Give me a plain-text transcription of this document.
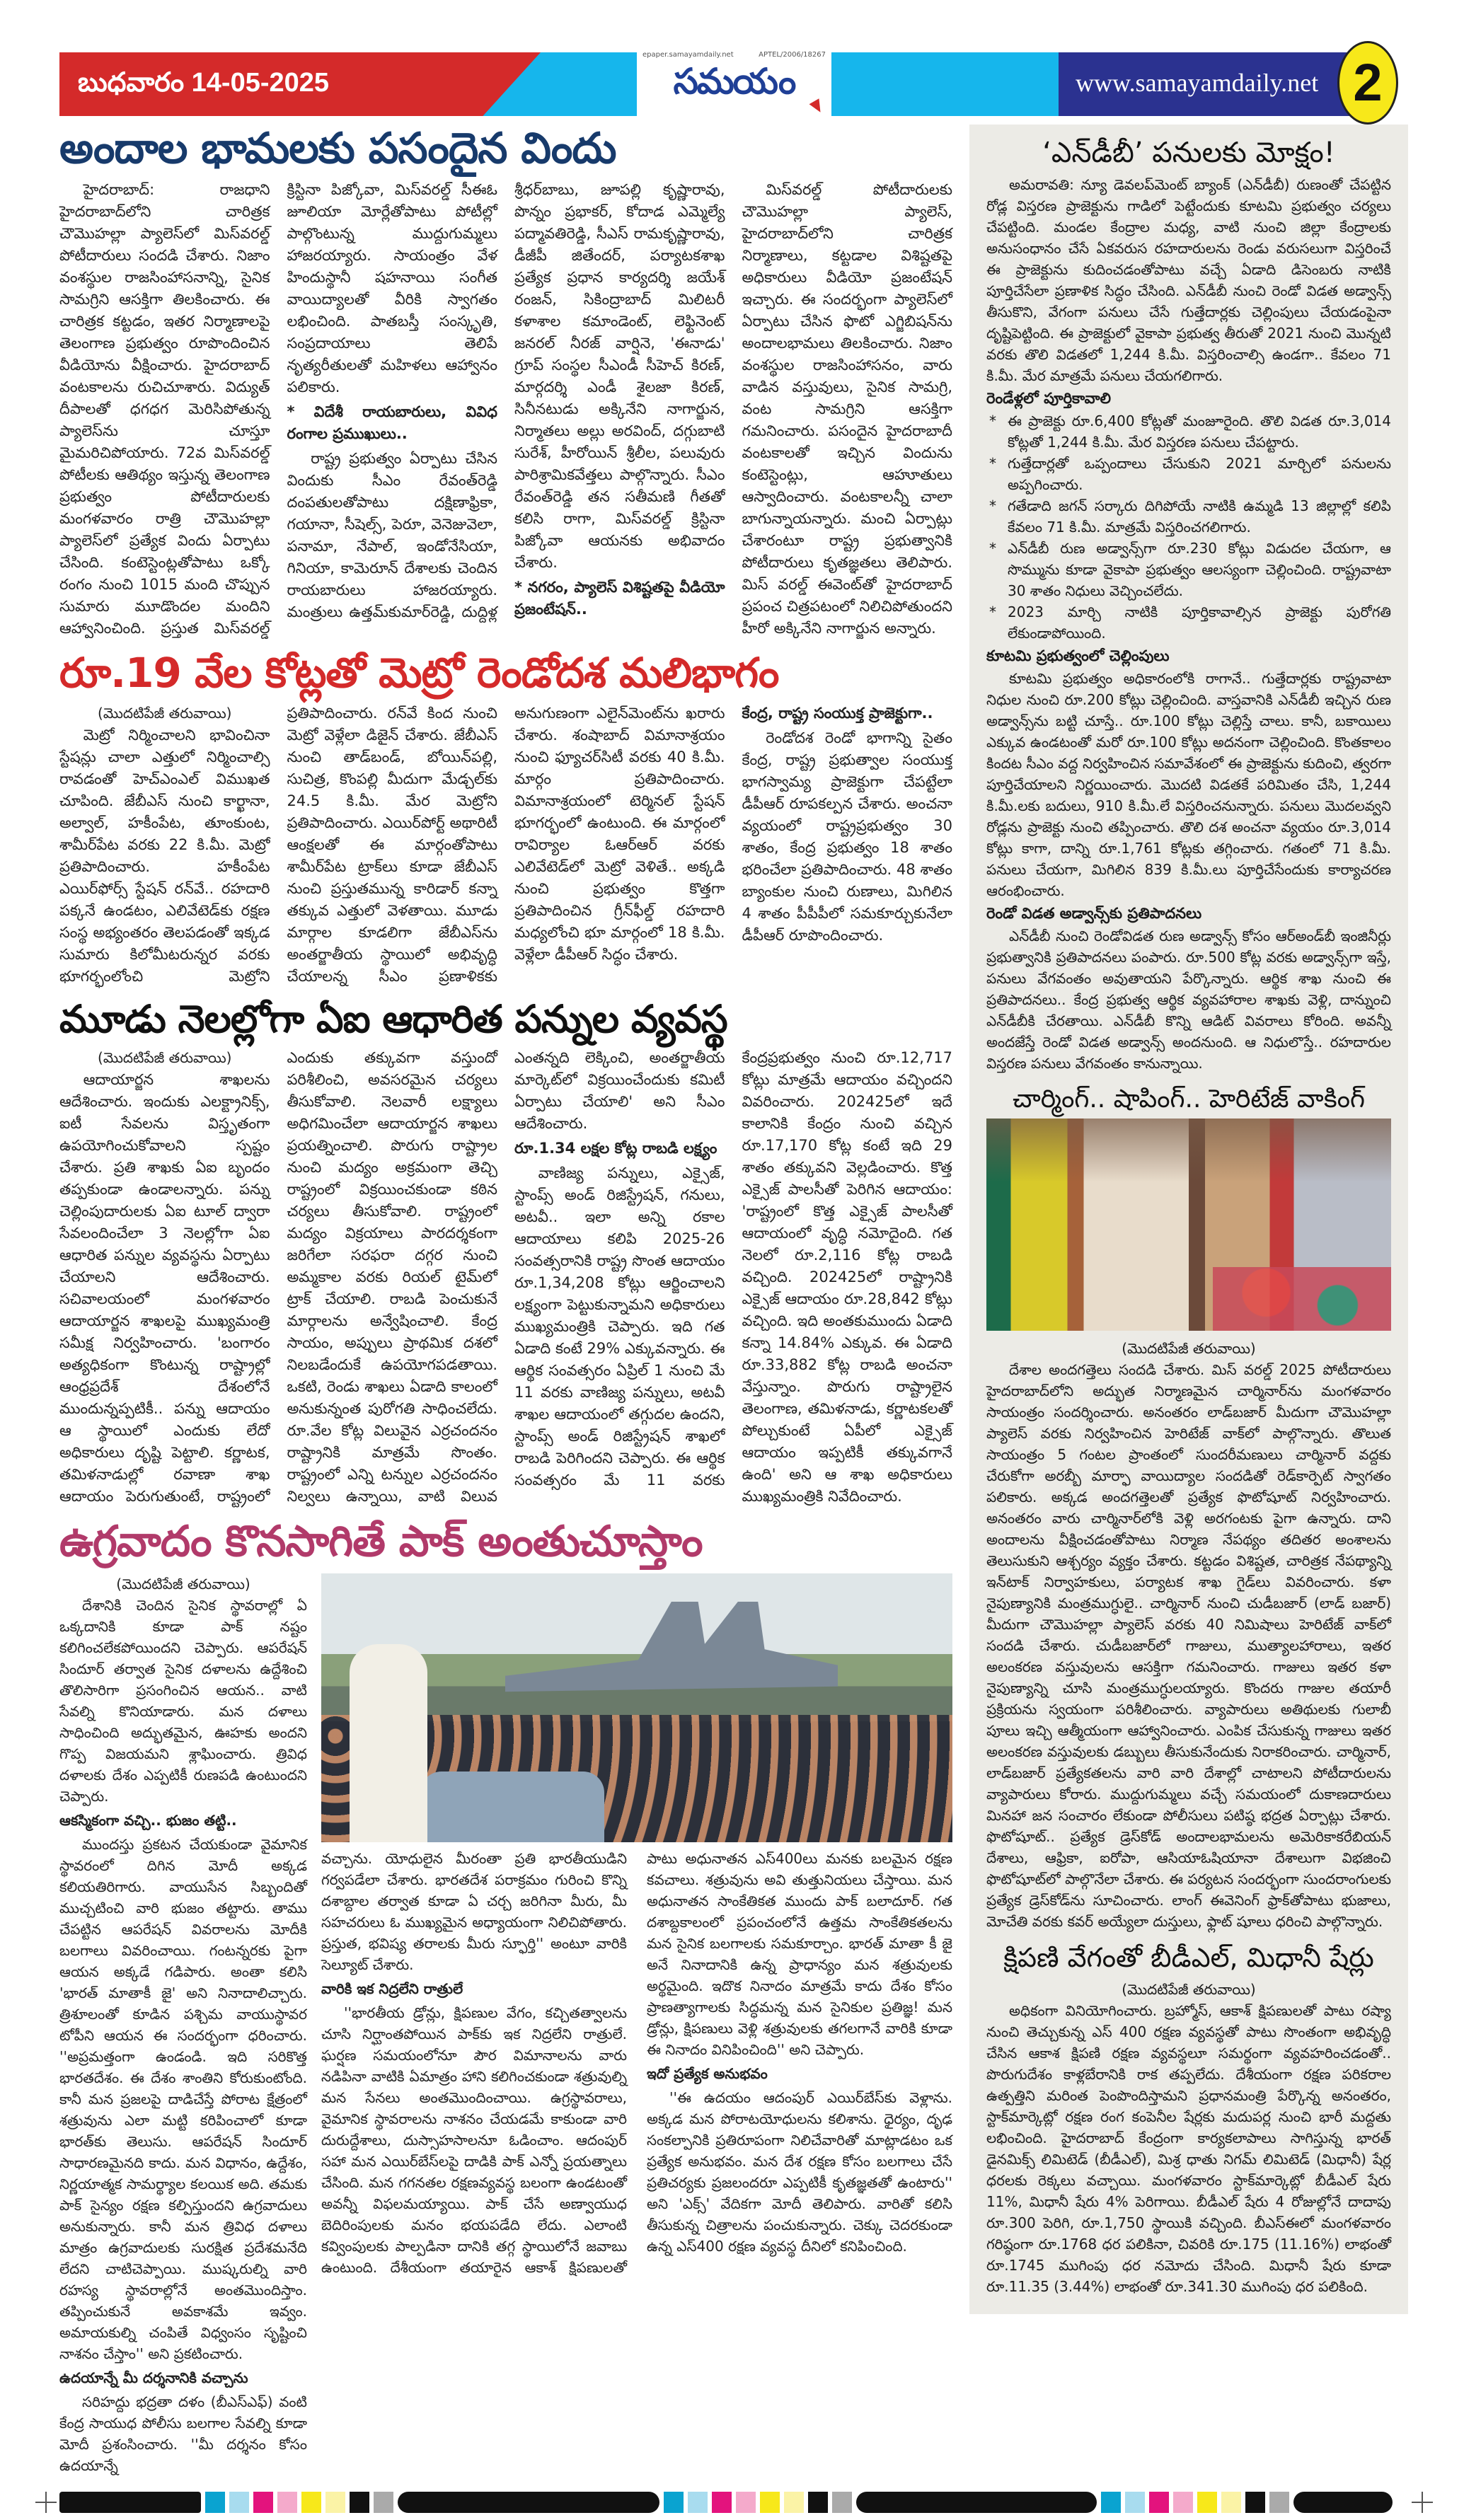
బుధవారం 14-05-2025
epaper.samayamdaily.net	APTEL/2006/18267
సమయం	www.samayamdaily.net 2
అందాల భామలకు పసందైన విందు

హైదరాబాద్: రాజధాని హైదరాబాద్‌లోని చారిత్రక చౌమొహల్లా ప్యాలెస్‌లో మిస్‌వరల్డ్ పోటీదారులు సందడి చేశారు. నిజాం వంశస్థుల రాజసింహాసనాన్ని, సైనిక సామగ్రిని ఆసక్తిగా తిలకించారు. ఈ చారిత్రక కట్టడం, ఇతర నిర్మాణాలపై తెలంగాణ ప్రభుత్వం రూపొందించిన వీడియోను వీక్షించారు. హైదరాబాద్ వంటకాలను రుచిచూశారు. విద్యుత్ దీపాలతో ధగధగ మెరిసిపోతున్న ప్యాలెస్‌ను చూస్తూ మైమరిచిపోయారు. 72వ మిస్‌వరల్డ్ పోటీలకు ఆతిథ్యం ఇస్తున్న తెలంగాణ ప్రభుత్వం పోటీదారులకు మంగళవారం రాత్రి చౌమొహల్లా ప్యాలెస్‌లో ప్రత్యేక విందు ఏర్పాటు చేసింది. కంటెస్టెంట్లతోపాటు ఒక్కో రంగం నుంచి 1015 మంది చొప్పున సుమారు మూడొందల మందిని ఆహ్వానించింది. ప్రస్తుత మిస్‌వరల్డ్ క్రిస్టినా పిజ్కోవా, మిస్‌వరల్డ్ సీఈఓ జూలియా మోర్లేతోపాటు పోటీల్లో పాల్గొంటున్న ముద్దుగుమ్మలు హాజరయ్యారు. సాయంత్రం వేళ హిందుస్థానీ షహనాయి సంగీత వాయిద్యాలతో వీరికి స్వాగతం లభించింది. పాతబస్తీ సంస్కృతి, సంప్రదాయాలు తెలిపే నృత్యరీతులతో మహిళలు ఆహ్వానం పలికారు.

* విదేశీ రాయబారులు, వివిధ రంగాల ప్రముఖులు..

రాష్ట్ర ప్రభుత్వం ఏర్పాటు చేసిన విందుకు సీఎం రేవంత్‌రెడ్డి దంపతులతోపాటు దక్షిణాఫ్రికా, గయానా, సీషెల్స్, పెరూ, వెనెజువెలా, పనామా, నేపాల్, ఇండోనేసియా, గినియా, కామెరూన్ దేశాలకు చెందిన రాయబారులు హాజరయ్యారు. మంత్రులు ఉత్తమ్‌కుమార్‌రెడ్డి, దుద్దిళ్ల శ్రీధర్‌బాబు, జూపల్లి కృష్ణారావు, పొన్నం ప్రభాకర్, కోదాడ ఎమ్మెల్యే పద్మావతిరెడ్డి, సీఎస్ రామకృష్ణారావు, డీజీపీ జితేందర్, పర్యాటకశాఖ ప్రత్యేక ప్రధాన కార్యదర్శి జయేశ్ రంజన్, సికింద్రాబాద్ మిలిటరీ కళాశాల కమాండెంట్, లెఫ్టినెంట్ జనరల్ నీరజ్ వార్షినె, 'ఈనాడు' గ్రూప్ సంస్థల సీఎండీ సీహెచ్ కిరణ్, మార్గదర్శి ఎండీ శైలజా కిరణ్, సినీనటుడు అక్కినేని నాగార్జున, నిర్మాతలు అల్లు అరవింద్, దగ్గుబాటి సురేశ్, హీరోయిన్ శ్రీలీల, పలువురు పారిశ్రామికవేత్తలు పాల్గొన్నారు. సీఎం రేవంత్‌రెడ్డి తన సతీమణి గీతతో కలిసి రాగా, మిస్‌వరల్డ్ క్రిస్టినా పిజ్కోవా ఆయనకు అభివాదం చేశారు.

* నగరం, ప్యాలెస్ విశిష్టతపై వీడియో ప్రజంటేషన్..

మిస్‌వరల్డ్ పోటీదారులకు చౌమొహల్లా ప్యాలెస్, హైదరాబాద్‌లోని చారిత్రక నిర్మాణాలు, కట్టడాల విశిష్టతపై అధికారులు వీడియో ప్రజంటేషన్ ఇచ్చారు. ఈ సందర్భంగా ప్యాలెస్‌లో ఏర్పాటు చేసిన ఫొటో ఎగ్జిబిషన్‌ను అందాలభామలు తిలకించారు. నిజాం వంశస్థుల రాజసింహాసనం, వారు వాడిన వస్తువులు, సైనిక సామగ్రి, వంట సామగ్రిని ఆసక్తిగా గమనించారు. పసందైన హైదరాబాదీ వంటకాలతో ఇచ్చిన విందును కంటెస్టెంట్లు, ఆహూతులు ఆస్వాదించారు. వంటకాలన్నీ చాలా బాగున్నాయన్నారు. మంచి ఏర్పాట్లు చేశారంటూ రాష్ట్ర ప్రభుత్వానికి పోటీదారులు కృతజ్ఞతలు తెలిపారు. మిస్ వరల్డ్ ఈవెంట్‌తో హైదరాబాద్ ప్రపంచ చిత్రపటంలో నిలిచిపోతుందని హీరో అక్కినేని నాగార్జున అన్నారు.

రూ.19 వేల కోట్లతో మెట్రో రెండోదశ మలిభాగం
(మొదటిపేజీ తరువాయి)

మెట్రో నిర్మించాలని భావించినా స్టేషన్లు చాలా ఎత్తులో నిర్మించాల్సి రావడంతో హెచ్‌ఎంఎల్ విముఖత చూపింది. జేబీఎస్ నుంచి కార్ఖానా, అల్వాల్, హకీంపేట, తూంకుంట, శామీర్‌పేట వరకు 22 కి.మీ. మెట్రో ప్రతిపాదించారు. హకీంపేట ఎయిర్‌ఫోర్స్ స్టేషన్ రన్‌వే.. రహదారి పక్కనే ఉండటం, ఎలివేటెడ్‌కు రక్షణ సంస్థ అభ్యంతరం తెలపడంతో ఇక్కడ సుమారు కిలోమీటరున్నర వరకు భూగర్భంలోంచి మెట్రోని ప్రతిపాదించారు. రన్‌వే కింద నుంచి మెట్రో వెళ్లేలా డిజైన్ చేశారు. జేబీఎస్ నుంచి తాడ్‌బండ్, బోయిన్‌పల్లి, సుచిత్ర, కొంపల్లి మీదుగా మేడ్చల్‌కు 24.5 కి.మీ. మేర మెట్రోని ప్రతిపాదించారు. ఎయిర్‌పోర్ట్ అథారిటీ ఆంక్షలతో ఈ మార్గంతోపాటు శామీర్‌పేట ట్రాక్‌లు కూడా జేబీఎస్ నుంచి ప్రస్తుతమున్న కారిడార్ కన్నా తక్కువ ఎత్తులో వెళతాయి. మూడు మార్గాల కూడలిగా జేబీఎస్‌ను అంతర్జాతీయ స్థాయిలో అభివృద్ధి చేయాలన్న సీఎం ప్రణాళికకు అనుగుణంగా ఎలైన్‌మెంట్‌ను ఖరారు చేశారు. శంషాబాద్ విమానాశ్రయం నుంచి ఫ్యూచర్‌సిటీ వరకు 40 కి.మీ. మార్గం ప్రతిపాదించారు. విమానాశ్రయంలో టెర్మినల్ స్టేషన్ భూగర్భంలో ఉంటుంది. ఈ మార్గంలో రావిర్యాల ఓఆర్‌ఆర్ వరకు ఎలివేటెడ్‌లో మెట్రో వెళితే.. అక్కడి నుంచి ప్రభుత్వం కొత్తగా ప్రతిపాదించిన గ్రీన్‌ఫీల్డ్ రహదారి మధ్యలోంచి భూ మార్గంలో 18 కి.మీ. వెళ్లేలా డీపీఆర్ సిద్ధం చేశారు.

కేంద్ర, రాష్ట్ర సంయుక్త ప్రాజెక్టుగా..

రెండోదశ రెండో భాగాన్ని సైతం కేంద్ర, రాష్ట్ర ప్రభుత్వాల సంయుక్త భాగస్వామ్య ప్రాజెక్టుగా చేపట్టేలా డీపీఆర్ రూపకల్పన చేశారు. అంచనా వ్యయంలో రాష్ట్రప్రభుత్వం 30 శాతం, కేంద్ర ప్రభుత్వం 18 శాతం భరించేలా ప్రతిపాదించారు. 48 శాతం బ్యాంకుల నుంచి రుణాలు, మిగిలిన 4 శాతం పీపీపీలో సమకూర్చుకునేలా డీపీఆర్ రూపొందించారు.

మూడు నెలల్లోగా ఏఐ ఆధారిత పన్నుల వ్యవస్థ
(మొదటిపేజీ తరువాయి)

ఆదాయార్జన శాఖలను ఆదేశించారు. ఇందుకు ఎలక్ట్రానిక్స్, ఐటీ సేవలను విస్తృతంగా ఉపయోగించుకోవాలని స్పష్టం చేశారు. ప్రతి శాఖకు ఏఐ బృందం తప్పకుండా ఉండాలన్నారు. పన్ను చెల్లింపుదారులకు ఏఐ టూల్ ద్వారా సేవలందించేలా 3 నెలల్లోగా ఏఐ ఆధారిత పన్నుల వ్యవస్థను ఏర్పాటు చేయాలని ఆదేశించారు. సచివాలయంలో మంగళవారం ఆదాయార్జన శాఖలపై ముఖ్యమంత్రి సమీక్ష నిర్వహించారు. 'బంగారం అత్యధికంగా కొంటున్న రాష్ట్రాల్లో ఆంధ్రప్రదేశ్ దేశంలోనే ముందున్నప్పటికీ.. పన్ను ఆదాయం ఆ స్థాయిలో ఎందుకు లేదో అధికారులు దృష్టి పెట్టాలి. కర్ణాటక, తమిళనాడుల్లో రవాణా శాఖ ఆదాయం పెరుగుతుంటే, రాష్ట్రంలో ఎందుకు తక్కువగా వస్తుందో పరిశీలించి, అవసరమైన చర్యలు తీసుకోవాలి. నెలవారీ లక్ష్యాలు అధిగమించేలా ఆదాయార్జన శాఖలు ప్రయత్నించాలి. పొరుగు రాష్ట్రాల నుంచి మద్యం అక్రమంగా తెచ్చి రాష్ట్రంలో విక్రయించకుండా కఠిన చర్యలు తీసుకోవాలి. రాష్ట్రంలో మద్యం విక్రయాలు పారదర్శకంగా జరిగేలా సరఫరా దగ్గర నుంచి అమ్మకాల వరకు రియల్ టైమ్‌లో ట్రాక్ చేయాలి. రాబడి పెంచుకునే మార్గాలను అన్వేషించాలి. కేంద్ర సాయం, అప్పులు ప్రాథమిక దశలో నిలబడేందుకే ఉపయోగపడతాయి. ఒకటి, రెండు శాఖలు ఏడాది కాలంలో అనుకున్నంత పురోగతి సాధించలేదు. రూ.వేల కోట్ల విలువైన ఎర్రచందనం రాష్ట్రానికి మాత్రమే సొంతం. రాష్ట్రంలో ఎన్ని టన్నుల ఎర్రచందనం నిల్వలు ఉన్నాయి, వాటి విలువ ఎంతన్నది లెక్కించి, అంతర్జాతీయ మార్కెట్‌లో విక్రయించేందుకు కమిటీ ఏర్పాటు చేయాలి' అని సీఎం ఆదేశించారు.

రూ.1.34 లక్షల కోట్ల రాబడి లక్ష్యం

వాణిజ్య పన్నులు, ఎక్సైజ్, స్టాంప్స్ అండ్ రిజిస్ట్రేషన్, గనులు, అటవీ.. ఇలా అన్ని రకాల ఆదాయాలు కలిపి 2025‑26 సంవత్సరానికి రాష్ట్ర సొంత ఆదాయం రూ.1,34,208 కోట్లు ఆర్జించాలని లక్ష్యంగా పెట్టుకున్నామని అధికారులు ముఖ్యమంత్రికి చెప్పారు. ఇది గత ఏడాది కంటే 29% ఎక్కువన్నారు. ఈ ఆర్థిక సంవత్సరం ఏప్రిల్ 1 నుంచి మే 11 వరకు వాణిజ్య పన్నులు, అటవీ శాఖల ఆదాయంలో తగ్గుదల ఉందని, స్టాంప్స్ అండ్ రిజిస్ట్రేషన్ శాఖలో రాబడి పెరిగిందని చెప్పారు. ఈ ఆర్థిక సంవత్సరం మే 11 వరకు కేంద్రప్రభుత్వం నుంచి రూ.12,717 కోట్లు మాత్రమే ఆదాయం వచ్చిందని వివరించారు. 202425లో ఇదే కాలానికి కేంద్రం నుంచి వచ్చిన రూ.17,170 కోట్ల కంటే ఇది 29 శాతం తక్కువని వెల్లడించారు. కొత్త ఎక్సైజ్ పాలసీతో పెరిగిన ఆదాయం: 'రాష్ట్రంలో కొత్త ఎక్సైజ్ పాలసీతో ఆదాయంలో వృద్ధి నమోదైంది. గత నెలలో రూ.2,116 కోట్ల రాబడి వచ్చింది. 202425లో రాష్ట్రానికి ఎక్సైజ్ ఆదాయం రూ.28,842 కోట్లు వచ్చింది. ఇది అంతకుముందు ఏడాది కన్నా 14.84% ఎక్కువ. ఈ ఏడాది రూ.33,882 కోట్ల రాబడి అంచనా వేస్తున్నాం. పొరుగు రాష్ట్రాలైన తెలంగాణ, తమిళనాడు, కర్ణాటకలతో పోల్చుకుంటే ఏపీలో ఎక్సైజ్ ఆదాయం ఇప్పటికీ తక్కువగానే ఉంది' అని ఆ శాఖ అధికారులు ముఖ్యమంత్రికి నివేదించారు.

ఉగ్రవాదం కొనసాగితే పాక్ అంతుచూస్తాం
(మొదటిపేజీ తరువాయి)

దేశానికి చెందిన సైనిక స్థావరాల్లో ఏ ఒక్కదానికి కూడా పాక్ నష్టం కలిగించలేకపోయిందని చెప్పారు. ఆపరేషన్ సిందూర్ తర్వాత సైనిక దళాలను ఉద్దేశించి తొలిసారిగా ప్రసంగించిన ఆయన.. వాటి సేవల్ని కొనియాడారు. మన దళాలు సాధించింది అద్భుతమైన, ఊహకు అందని గొప్ప విజయమని శ్లాఘించారు. త్రివిధ దళాలకు దేశం ఎప్పటికీ రుణపడి ఉంటుందని చెప్పారు.

ఆకస్మికంగా వచ్చి.. భుజం తట్టి..

ముందస్తు ప్రకటన చేయకుండా వైమానిక స్థావరంలో దిగిన మోదీ అక్కడ కలియతిరిగారు. వాయుసేన సిబ్బందితో ముచ్చటించి వారి భుజం తట్టారు. తాము చేపట్టిన ఆపరేషన్ వివరాలను మోదీకి బలగాలు వివరించాయి. గంటన్నరకు పైగా ఆయన అక్కడే గడిపారు. అంతా కలిసి 'భారత్ మాతాకీ జై' అని నినాదాలిచ్చారు. త్రిశూలంతో కూడిన పశ్చిమ వాయుస్థావర టోపీని ఆయన ఈ సందర్భంగా ధరించారు. ''అప్రమత్తంగా ఉండండి. ఇది సరికొత్త భారతదేశం. ఈ దేశం శాంతిని కోరుకుంటోంది. కానీ మన ప్రజలపై దాడిచేస్తే పోరాట క్షేత్రంలో శత్రువును ఎలా మట్టి కరిపించాలో కూడా భారత్‌కు తెలుసు. ఆపరేషన్ సిందూర్ సాధారణమైనది కాదు. మన విధానం, ఉద్దేశం, నిర్ణయాత్మక సామర్థ్యాల కలయిక అది. తమకు పాక్ సైన్యం రక్షణ కల్పిస్తుందని ఉగ్రవాదులు అనుకున్నారు. కానీ మన త్రివిధ దళాలు మాత్రం ఉగ్రవాదులకు సురక్షిత ప్రదేశమనేది లేదని చాటిచెప్పాయి. ముష్కరుల్ని వారి రహస్య స్థావరాల్లోనే అంతమొందిస్తాం. తప్పించుకునే అవకాశమే ఇవ్వం. అమాయకుల్ని చంపితే విధ్వంసం సృష్టించి నాశనం చేస్తాం'' అని ప్రకటించారు.

ఉదయాన్నే మీ దర్శనానికి వచ్చాను

సరిహద్దు భద్రతా దళం (బీఎస్‌ఎఫ్) వంటి కేంద్ర సాయుధ పోలీసు బలగాల సేవల్ని కూడా మోదీ ప్రశంసించారు. ''మీ దర్శనం కోసం ఉదయాన్నే

వచ్చాను. యోధులైన మీరంతా ప్రతి భారతీయుడిని గర్వపడేలా చేశారు. భారతదేశ పరాక్రమం గురించి కొన్ని దశాబ్దాల తర్వాత కూడా ఏ చర్చ జరిగినా మీరు, మీ సహచరులు ఓ ముఖ్యమైన అధ్యాయంగా నిలిచిపోతారు. ప్రస్తుత, భవిష్య తరాలకు మీరు స్ఫూర్తి'' అంటూ వారికి సెల్యూట్ చేశారు.

వారికి ఇక నిద్రలేని రాత్రులే

''భారతీయ డ్రోన్లు, క్షిపణుల వేగం, కచ్చితత్వాలను చూసి నిర్ఘాంతపోయిన పాక్‌కు ఇక నిద్రలేని రాత్రులే. ఘర్షణ సమయంలోనూ పౌర విమానాలను వారు నడిపినా వాటికి ఏమాత్రం హాని కలిగించకుండా శత్రువుల్ని మన సేనలు అంతమొందించాయి. ఉగ్రస్థావరాలు, వైమానిక స్థావరాలను నాశనం చేయడమే కాకుండా వారి దురుద్దేశాలు, దుస్సాహసాలనూ ఓడించాం. ఆదంపుర్ సహా మన ఎయిర్‌బేస్‌లపై దాడికి పాక్ ఎన్నో ప్రయత్నాలు చేసింది. మన గగనతల రక్షణవ్యవస్థ బలంగా ఉండటంతో అవన్నీ విఫలమయ్యాయి. పాక్ చేసే అణ్వాయుధ బెదిరింపులకు మనం భయపడేది లేదు. ఎలాంటి కవ్వింపులకు పాల్పడినా దానికి తగ్గ స్థాయిలోనే జవాబు ఉంటుంది. దేశీయంగా తయారైన ఆకాశ్ క్షిపణులతో పాటు అధునాతన ఎస్400లు మనకు బలమైన రక్షణ కవచాలు. శత్రువును అవి తుత్తునియలు చేస్తాయి. మన అధునాతన సాంకేతికత ముందు పాక్ బలాదూర్. గత దశాబ్దకాలంలో ప్రపంచంలోనే ఉత్తమ సాంకేతికతలను మన సైనిక బలగాలకు సమకూర్చాం. భారత్ మాతా కీ జై అనే నినాదానికి ఉన్న ప్రాధాన్యం మన శత్రువులకు అర్థమైంది. ఇదొక నినాదం మాత్రమే కాదు దేశం కోసం ప్రాణత్యాగాలకు సిద్ధమన్న మన సైనికుల ప్రతిజ్ఞ! మన డ్రోన్లు, క్షిపణులు వెళ్లి శత్రువులకు తగలగానే వారికి కూడా ఈ నినాదం వినిపించింది'' అని చెప్పారు.

ఇదో ప్రత్యేక అనుభవం

''ఈ ఉదయం ఆదంపుర్ ఎయిర్‌బేస్‌కు వెళ్లాను. అక్కడ మన పోరాటయోధులను కలిశాను. ధైర్యం, దృఢ సంకల్పానికి ప్రతిరూపంగా నిలిచేవారితో మాట్లాడటం ఒక ప్రత్యేక అనుభవం. మన దేశ రక్షణ కోసం బలగాలు చేసే ప్రతిచర్యకు ప్రజలందరూ ఎప్పటికీ కృతజ్ఞతతో ఉంటారు'' అని 'ఎక్స్' వేదికగా మోదీ తెలిపారు. వారితో కలిసి తీసుకున్న చిత్రాలను పంచుకున్నారు. చెక్కు చెదరకుండా ఉన్న ఎస్400 రక్షణ వ్యవస్థ దీనిలో కనిపించింది.

‘ఎన్‌డీబీ’ పనులకు మోక్షం!

అమరావతి: న్యూ డెవలప్‌మెంట్ బ్యాంక్ (ఎన్‌డీబీ) రుణంతో చేపట్టిన రోడ్ల విస్తరణ ప్రాజెక్టును గాడిలో పెట్టేందుకు కూటమి ప్రభుత్వం చర్యలు చేపట్టింది. మండల కేంద్రాల మధ్య, వాటి నుంచి జిల్లా కేంద్రాలకు అనుసంధానం చేసే ఏకవరుస రహదారులను రెండు వరుసలుగా విస్తరించే ఈ ప్రాజెక్టును కుదించడంతోపాటు వచ్చే ఏడాది డిసెంబరు నాటికి పూర్తిచేసేలా ప్రణాళిక సిద్ధం చేసింది. ఎన్‌డీబీ నుంచి రెండో విడత అడ్వాన్స్ తీసుకొని, వేగంగా పనులు చేసే గుత్తేదార్లకు చెల్లింపులు చేయడంపైనా దృష్టిపెట్టింది. ఈ ప్రాజెక్టులో వైకాపా ప్రభుత్వ తీరుతో 2021 నుంచి మొన్నటి వరకు తొలి విడతలో 1,244 కి.మీ. విస్తరించాల్సి ఉండగా.. కేవలం 71 కి.మీ. మేర మాత్రమే పనులు చేయగలిగారు.

రెండేళ్లలో పూర్తికావాలి
* ఈ ప్రాజెక్టు రూ.6,400 కోట్లతో మంజూరైంది. తొలి విడత రూ.3,014 కోట్లతో 1,244 కి.మీ. మేర విస్తరణ పనులు చేపట్టారు.
* గుత్తేదార్లతో ఒప్పందాలు చేసుకుని 2021 మార్చిలో పనులను అప్పగించారు.
* గతేడాది జగన్ సర్కారు దిగిపోయే నాటికి ఉమ్మడి 13 జిల్లాల్లో కలిపి కేవలం 71 కి.మీ. మాత్రమే విస్తరించగలిగారు.
* ఎన్‌డీబీ రుణ అడ్వాన్స్‌గా రూ.230 కోట్లు విడుదల చేయగా, ఆ సొమ్మును కూడా వైకాపా ప్రభుత్వం ఆలస్యంగా చెల్లించింది. రాష్ట్రవాటా 30 శాతం నిధులు వెచ్చించలేదు.
* 2023 మార్చి నాటికి పూర్తికావాల్సిన ప్రాజెక్టు పురోగతి లేకుండాపోయింది.
కూటమి ప్రభుత్వంలో చెల్లింపులు

కూటమి ప్రభుత్వం అధికారంలోకి రాగానే.. గుత్తేదార్లకు రాష్ట్రవాటా నిధుల నుంచి రూ.200 కోట్లు చెల్లించింది. వాస్తవానికి ఎన్‌డీబీ ఇచ్చిన రుణ అడ్వాన్స్‌ను బట్టి చూస్తే.. రూ.100 కోట్లు చెల్లిస్తే చాలు. కానీ, బకాయిలు ఎక్కువ ఉండటంతో మరో రూ.100 కోట్లు అదనంగా చెల్లించింది. కొంతకాలం కిందట సీఎం వద్ద నిర్వహించిన సమావేశంలో ఈ ప్రాజెక్టును కుదించి, త్వరగా పూర్తిచేయాలని నిర్ణయించారు. మొదటి విడతకే పరిమితం చేసి, 1,244 కి.మీ.లకు బదులు, 910 కి.మీ.లే విస్తరించనున్నారు. పనులు మొదలవ్వని రోడ్లను ప్రాజెక్టు నుంచి తప్పించారు. తొలి దశ అంచనా వ్యయం రూ.3,014 కోట్లు కాగా, దాన్ని రూ.1,761 కోట్లకు తగ్గించారు. గతంలో 71 కి.మీ. పనులు చేయగా, మిగిలిన 839 కి.మీ.లు పూర్తిచేసేందుకు కార్యాచరణ ఆరంభించారు.

రెండో విడత అడ్వాన్స్‌కు ప్రతిపాదనలు

ఎన్‌డీబీ నుంచి రెండోవిడత రుణ అడ్వాన్స్ కోసం ఆర్‌అండ్‌బీ ఇంజినీర్లు ప్రభుత్వానికి ప్రతిపాదనలు పంపారు. రూ.500 కోట్ల వరకు అడ్వాన్స్‌గా ఇస్తే, పనులు వేగవంతం అవుతాయని పేర్కొన్నారు. ఆర్థిక శాఖ నుంచి ఈ ప్రతిపాదనలు.. కేంద్ర ప్రభుత్వ ఆర్థిక వ్యవహారాల శాఖకు వెళ్లి, దాన్నుంచి ఎన్‌డీబీకి చేరతాయి. ఎన్‌డీబీ కొన్ని ఆడిట్ వివరాలు కోరింది. అవన్నీ అందజేస్తే రెండో విడత అడ్వాన్స్ అందనుంది. ఆ నిధులొస్తే.. రహదారుల విస్తరణ పనులు వేగవంతం కానున్నాయి.

చార్మింగ్.. షాపింగ్.. హెరిటేజ్ వాకింగ్
(మొదటిపేజీ తరువాయి)

దేశాల అందగత్తెలు సందడి చేశారు. మిస్ వరల్డ్ 2025 పోటీదారులు హైదరాబాద్‌లోని అద్భుత నిర్మాణమైన చార్మినార్‌ను మంగళవారం సాయంత్రం సందర్శించారు. అనంతరం లాడ్‌బజార్ మీదుగా చౌమొహల్లా ప్యాలెస్ వరకు నిర్వహించిన హెరిటేజ్ వాక్‌లో పాల్గొన్నారు. తొలుత సాయంత్రం 5 గంటల ప్రాంతంలో సుందరీమణులు చార్మినార్ వద్దకు చేరుకోగా అరబ్బీ మార్ఫా వాయిద్యాల సందడితో రెడ్‌కార్పెట్ స్వాగతం పలికారు. అక్కడ అందగత్తెలతో ప్రత్యేక ఫొటోషూట్ నిర్వహించారు. అనంతరం వారు చార్మినార్‌లోకి వెళ్లి అరగంటకు పైగా ఉన్నారు. దాని అందాలను వీక్షించడంతోపాటు నిర్మాణ నేపథ్యం తదితర అంశాలను తెలుసుకుని ఆశ్చర్యం వ్యక్తం చేశారు. కట్టడం విశిష్టత, చారిత్రక నేపథ్యాన్ని ఇన్‌టాక్ నిర్వాహకులు, పర్యాటక శాఖ గైడ్‌లు వివరించారు. కళా నైపుణ్యానికి మంత్రముగ్ధులై.. చార్మినార్ నుంచి చుడీబజార్ (లాడ్ బజార్) మీదుగా చౌమొహల్లా ప్యాలెస్ వరకు 40 నిమిషాలు హెరిటేజ్ వాక్‌లో సందడి చేశారు. చుడీబజార్‌లో గాజులు, ముత్యాలహారాలు, ఇతర అలంకరణ వస్తువులను ఆసక్తిగా గమనించారు. గాజులు ఇతర కళా నైపుణ్యాన్ని చూసి మంత్రముగ్ధులయ్యారు. కొందరు గాజుల తయారీ ప్రక్రియను స్వయంగా పరిశీలించారు. వ్యాపారులు అతిథులకు గులాబీ పూలు ఇచ్చి ఆత్మీయంగా ఆహ్వానించారు. ఎంపిక చేసుకున్న గాజులు ఇతర అలంకరణ వస్తువులకు డబ్బులు తీసుకునేందుకు నిరాకరించారు. చార్మినార్, లాడ్‌బజార్ ప్రత్యేకతలను వారి వారి దేశాల్లో చాటాలని పోటీదారులను వ్యాపారులు కోరారు. ముద్దుగుమ్మలు వచ్చే సమయంలో దుకాణదారులు మినహా జన సంచారం లేకుండా పోలీసులు పటిష్ఠ భద్రత ఏర్పాట్లు చేశారు. ఫొటోషూట్.. ప్రత్యేక డ్రెస్‌కోడ్ అందాలభామలను అమెరికాకరేబియన్ దేశాలు, ఆఫ్రికా, ఐరోపా, ఆసియాఓషియానా దేశాలుగా విభజించి ఫొటోషూట్‌లో పాల్గొనేలా చేశారు. ఈ పర్యటన సందర్భంగా సుందరాంగులకు ప్రత్యేక డ్రెస్‌కోడ్‌ను సూచించారు. లాంగ్ ఈవెనింగ్ ఫ్రాక్‌తోపాటు భుజాలు, మోచేతి వరకు కవర్ అయ్యేలా దుస్తులు, ఫ్లాట్ షూలు ధరించి పాల్గొన్నారు.

క్షిపణి వేగంతో బీడీఎల్, మిధానీ షేర్లు
(మొదటిపేజీ తరువాయి)

అధికంగా వినియోగించారు. బ్రహ్మోస్, ఆకాశ్ క్షిపణులతో పాటు రష్యా నుంచి తెచ్చుకున్న ఎస్ 400 రక్షణ వ్యవస్థతో పాటు సొంతంగా అభివృద్ధి చేసిన ఆకాశ క్షిపణి రక్షణ వ్యవస్థలూ సమర్థంగా వ్యవహరించడంతో.. పొరుగుదేశం కాళ్లబేరానికి రాక తప్పలేదు. దేశీయంగా రక్షణ పరికరాల ఉత్పత్తిని మరింత పెంపొందిస్తామని ప్రధానమంత్రి పేర్కొన్న అనంతరం, స్టాక్‌మార్కెట్లో రక్షణ రంగ కంపెనీల షేర్లకు మదుపర్ల నుంచి భారీ మద్దతు లభించింది. హైదరాబాద్ కేంద్రంగా కార్యకలాపాలు సాగిస్తున్న భారత్ డైనమిక్స్ లిమిటెడ్ (బీడీఎల్), మిశ్ర ధాతు నిగమ్ లిమిటెడ్ (మిధానీ) షేర్ల ధరలకు రెక్కలు వచ్చాయి. మంగళవారం స్టాక్‌మార్కెట్లో బీడీఎల్ షేరు 11%, మిధానీ షేరు 4% పెరిగాయి. బీడీఎల్ షేరు 4 రోజుల్లోనే దాదాపు రూ.300 పెరిగి, రూ.1,750 స్థాయికి వచ్చింది. బీఎస్‌ఈలో మంగళవారం గరిష్ఠంగా రూ.1768 ధర పలికినా, చివరికి రూ.175 (11.16%) లాభంతో రూ.1745 ముగింపు ధర నమోదు చేసింది. మిధానీ షేరు కూడా రూ.11.35 (3.44%) లాభంతో రూ.341.30 ముగింపు ధర పలికింది.
